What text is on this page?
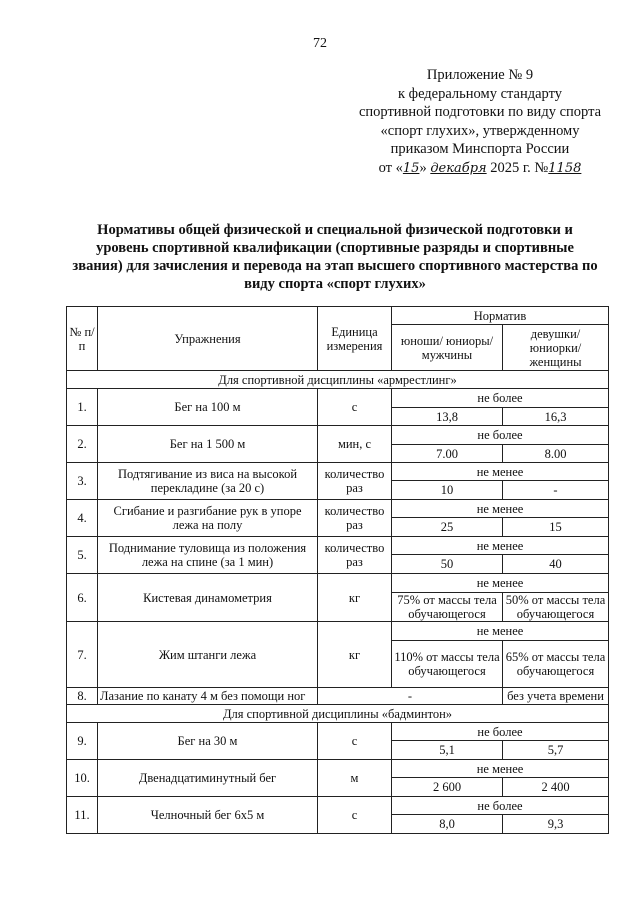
72
Приложение № 9
к федеральному стандарту
спортивной подготовки по виду спорта
«спорт глухих», утвержденному
приказом Минспорта России
от «15» декабря 2025 г. №1158
Нормативы общей физической и специальной физической подготовки и уровень спортивной квалификации (спортивные разряды и спортивные звания) для зачисления и перевода на этап высшего спортивного мастерства по виду спорта «спорт глухих»
№ п/п	Упражнения	Единица измерения	Норматив	
			юноши/ юниоры/ мужчины	девушки/ юниорки/ женщины
Для спортивной дисциплины «армрестлинг»				
1.	Бег на 100 м	с	не более	
			13,8	16,3
2.	Бег на 1 500 м	мин, с	не более	
			7.00	8.00
3.	Подтягивание из виса на высокой перекладине (за 20 с)	количество раз	не менее	
			10	-
4.	Сгибание и разгибание рук в упоре лежа на полу	количество раз	не менее	
			25	15
5.	Поднимание туловища из положения лежа на спине (за 1 мин)	количество раз	не менее	
			50	40
6.	Кистевая динамометрия	кг	не менее	
			75% от массы тела обучающегося	50% от массы тела обучающегося
7.	Жим штанги лежа	кг	не менее	
			110% от массы тела обучающегося	65% от массы тела обучающегося
8.	Лазание по канату 4 м без помощи ног	-		без учета времени
Для спортивной дисциплины «бадминтон»				
9.	Бег на 30 м	с	не более	
			5,1	5,7
10.	Двенадцатиминутный бег	м	не менее	
			2 600	2 400
11.	Челночный бег 6x5 м	с	не более	
			8,0	9,3
